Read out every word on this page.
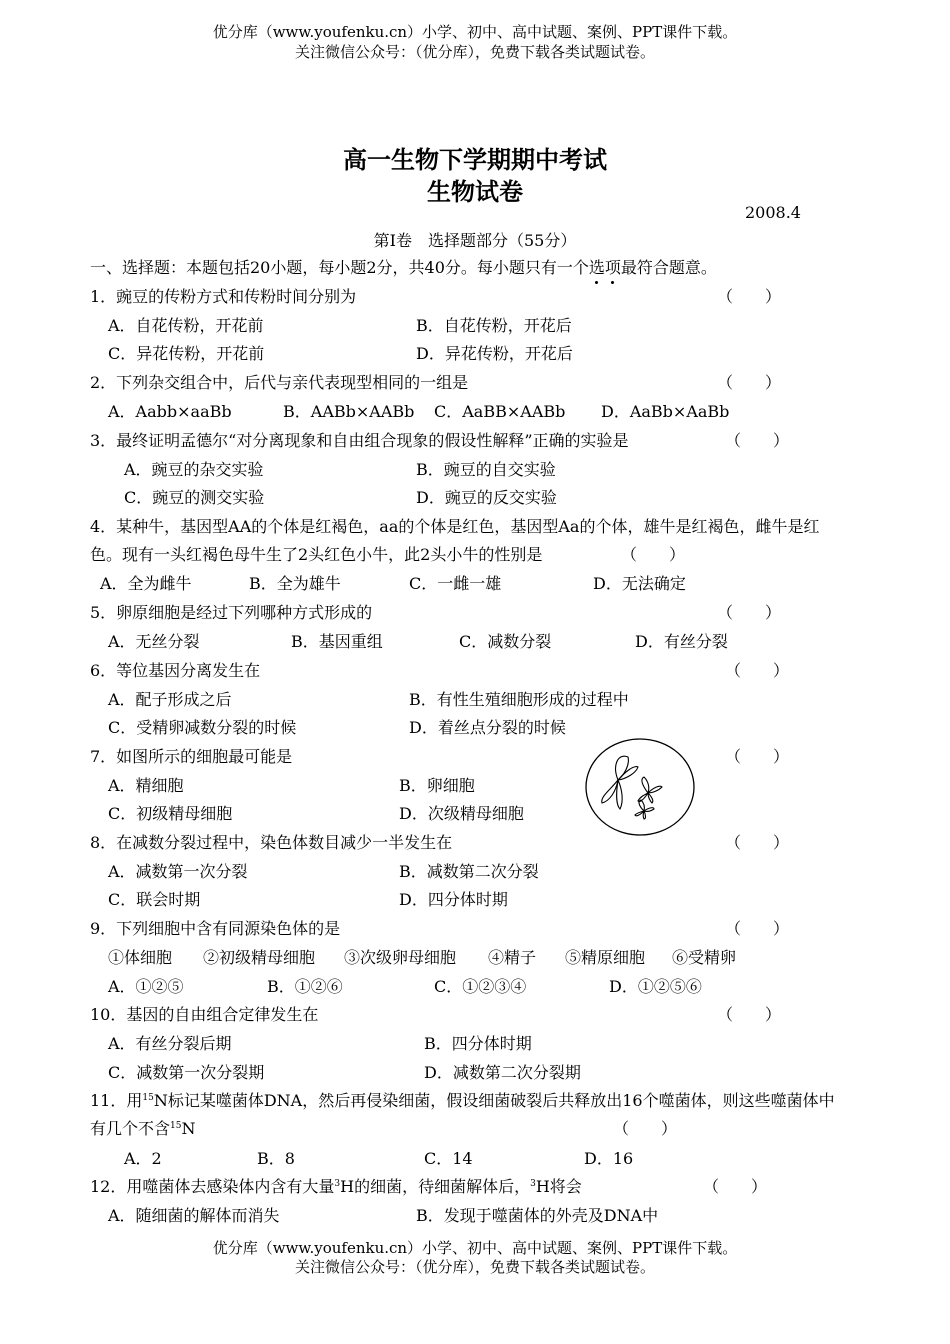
优分库（www.youfenku.cn）小学、初中、高中试题、案例、PPT课件下载。
关注微信公众号：（优分库），免费下载各类试题试卷。
高一生物下学期期中考试
生物试卷
2008.4
第Ⅰ卷　选择题部分（55分）
一、选择题：本题包括20小题，每小题2分，共40分。每小题只有一个选项最符合题意。
1．豌豆的传粉方式和传粉时间分别为	（　　）
A．自花传粉，开花前	B．自花传粉，开花后
C．异花传粉，开花前	D．异花传粉，开花后
2．下列杂交组合中，后代与亲代表现型相同的一组是	（　　）
A．Aabb×aaBb	B．AABb×AABb C．AaBB×AABb D．AaBb×AaBb
3．最终证明孟德尔“对分离现象和自由组合现象的假设性解释”正确的实验是	（　　）
A．豌豆的杂交实验	B．豌豆的自交实验
C．豌豆的测交实验	D．豌豆的反交实验
4．某种牛，基因型AA的个体是红褐色，aa的个体是红色，基因型Aa的个体，雄牛是红褐色，雌牛是红
色。现有一头红褐色母牛生了2头红色小牛，此2头小牛的性别是	（　　）
A．全为雌牛	B．全为雄牛	C．一雌一雄	D．无法确定
5．卵原细胞是经过下列哪种方式形成的	（　　）
A．无丝分裂	B．基因重组	C．减数分裂	D．有丝分裂
6．等位基因分离发生在	（　　）
A．配子形成之后	B．有性生殖细胞形成的过程中
C．受精卵减数分裂的时候	D．着丝点分裂的时候
7．如图所示的细胞最可能是	（　　）
A．精细胞	B．卵细胞
C．初级精母细胞	D．次级精母细胞
8．在减数分裂过程中，染色体数目减少一半发生在	（　　）
A．减数第一次分裂	B．减数第二次分裂
C．联会时期	D．四分体时期
9．下列细胞中含有同源染色体的是	（　　）
①体细胞 ②初级精母细胞 ③次级卵母细胞 ④精子 ⑤精原细胞 ⑥受精卵
A．①②⑤	B．①②⑥	C．①②③④	D．①②⑤⑥
10．基因的自由组合定律发生在	（　　）
A．有丝分裂后期	B．四分体时期
C．减数第一次分裂期	D．减数第二次分裂期
11．用$^{15}$N标记某噬菌体DNA，然后再侵染细菌，假设细菌破裂后共释放出16个噬菌体，则这些噬菌体中
有几个不含$^{15}$N	（　　）
A．2	B．8	C．14	D．16
12．用噬菌体去感染体内含有大量$^3$H的细菌，待细菌解体后，$^3$H将会	（　　）
A．随细菌的解体而消失	B．发现于噬菌体的外壳及DNA中
优分库（www.youfenku.cn）小学、初中、高中试题、案例、PPT课件下载。
关注微信公众号：（优分库），免费下载各类试题试卷。
